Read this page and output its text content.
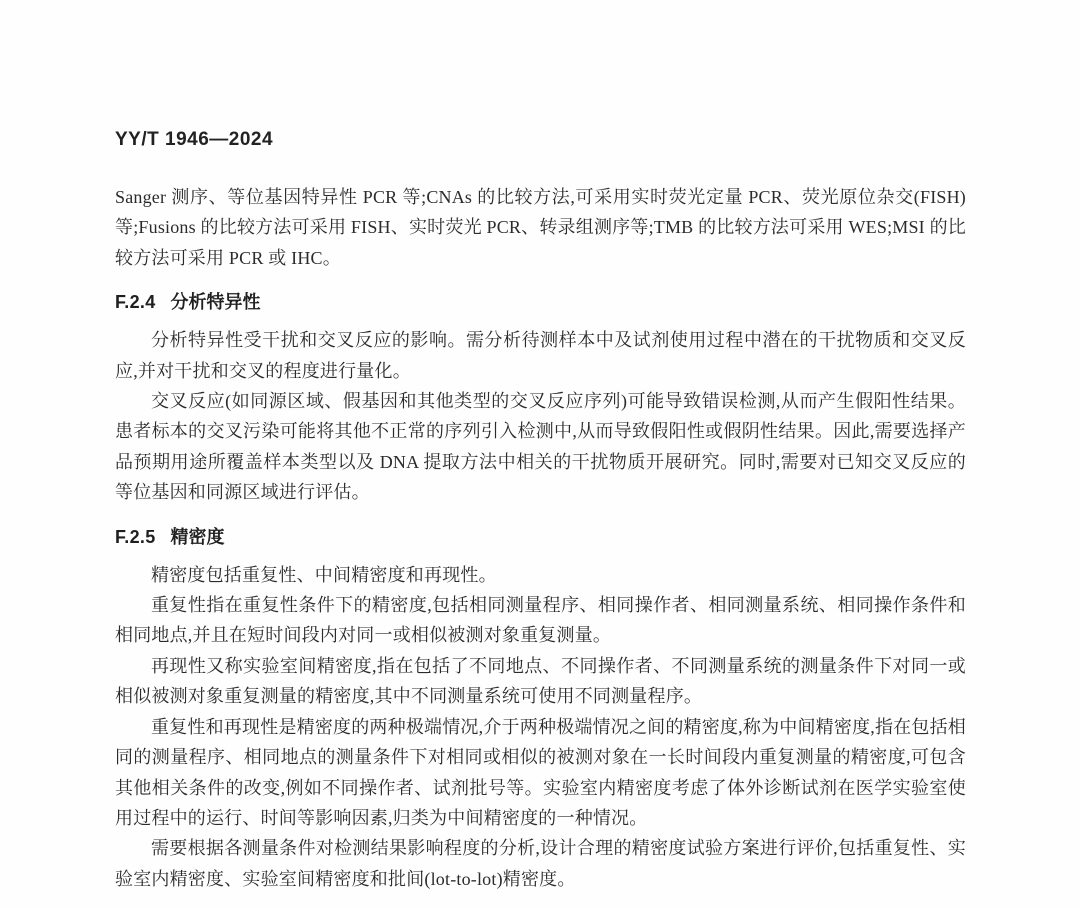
YY/T 1946—2024

Sanger 测序、等位基因特异性 PCR 等;CNAs 的比较方法,可采用实时荧光定量 PCR、荧光原位杂交(FISH)等;Fusions 的比较方法可采用 FISH、实时荧光 PCR、转录组测序等;TMB 的比较方法可采用 WES;MSI 的比较方法可采用 PCR 或 IHC。

F.2.4 分析特异性

分析特异性受干扰和交叉反应的影响。需分析待测样本中及试剂使用过程中潜在的干扰物质和交叉反应,并对干扰和交叉的程度进行量化。

交叉反应(如同源区域、假基因和其他类型的交叉反应序列)可能导致错误检测,从而产生假阳性结果。患者标本的交叉污染可能将其他不正常的序列引入检测中,从而导致假阳性或假阴性结果。因此,需要选择产品预期用途所覆盖样本类型以及 DNA 提取方法中相关的干扰物质开展研究。同时,需要对已知交叉反应的等位基因和同源区域进行评估。

F.2.5 精密度

精密度包括重复性、中间精密度和再现性。

重复性指在重复性条件下的精密度,包括相同测量程序、相同操作者、相同测量系统、相同操作条件和相同地点,并且在短时间段内对同一或相似被测对象重复测量。

再现性又称实验室间精密度,指在包括了不同地点、不同操作者、不同测量系统的测量条件下对同一或相似被测对象重复测量的精密度,其中不同测量系统可使用不同测量程序。

重复性和再现性是精密度的两种极端情况,介于两种极端情况之间的精密度,称为中间精密度,指在包括相同的测量程序、相同地点的测量条件下对相同或相似的被测对象在一长时间段内重复测量的精密度,可包含其他相关条件的改变,例如不同操作者、试剂批号等。实验室内精密度考虑了体外诊断试剂在医学实验室使用过程中的运行、时间等影响因素,归类为中间精密度的一种情况。

需要根据各测量条件对检测结果影响程度的分析,设计合理的精密度试验方案进行评价,包括重复性、实验室内精密度、实验室间精密度和批间(lot-to-lot)精密度。
